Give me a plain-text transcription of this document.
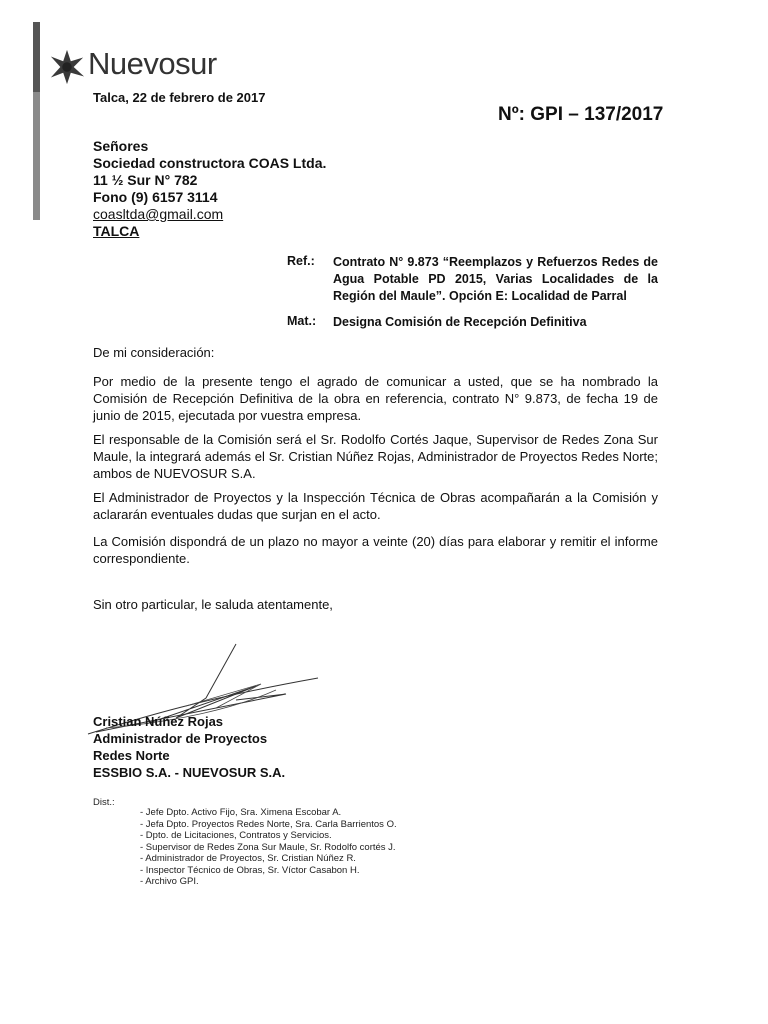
Nuevosur
Talca, 22 de febrero de 2017
Nº: GPI – 137/2017
Señores
Sociedad constructora COAS Ltda.
11 ½ Sur N° 782
Fono (9) 6157 3114
coasltda@gmail.com
TALCA
Ref.: Contrato N° 9.873 “Reemplazos y Refuerzos Redes de Agua Potable PD 2015, Varias Localidades de la Región del Maule”. Opción E: Localidad de Parral
Mat.: Designa Comisión de Recepción Definitiva
De mi consideración:
Por medio de la presente tengo el agrado de comunicar a usted, que se ha nombrado la Comisión de Recepción Definitiva de la obra en referencia, contrato N° 9.873, de fecha 19 de junio de 2015, ejecutada por vuestra empresa.
El responsable de la Comisión será el Sr. Rodolfo Cortés Jaque, Supervisor de Redes Zona Sur Maule, la integrará además el Sr. Cristian Núñez Rojas, Administrador de Proyectos Redes Norte; ambos de NUEVOSUR S.A.
El Administrador de Proyectos y la Inspección Técnica de Obras acompañarán a la Comisión y aclararán eventuales dudas que surjan en el acto.
La Comisión dispondrá de un plazo no mayor a veinte (20) días para elaborar y remitir el informe correspondiente.
Sin otro particular, le saluda atentamente,
Cristian Núñez Rojas
Administrador de Proyectos
Redes Norte
ESSBIO S.A. - NUEVOSUR S.A.
Dist.:
- Jefe Dpto. Activo Fijo, Sra. Ximena Escobar A.
- Jefa Dpto. Proyectos Redes Norte, Sra. Carla Barrientos O.
- Dpto. de Licitaciones, Contratos y Servicios.
- Supervisor de Redes Zona Sur Maule, Sr. Rodolfo cortés J.
- Administrador de Proyectos, Sr. Cristian Núñez R.
- Inspector Técnico de Obras, Sr. Víctor Casabon H.
- Archivo GPI.
